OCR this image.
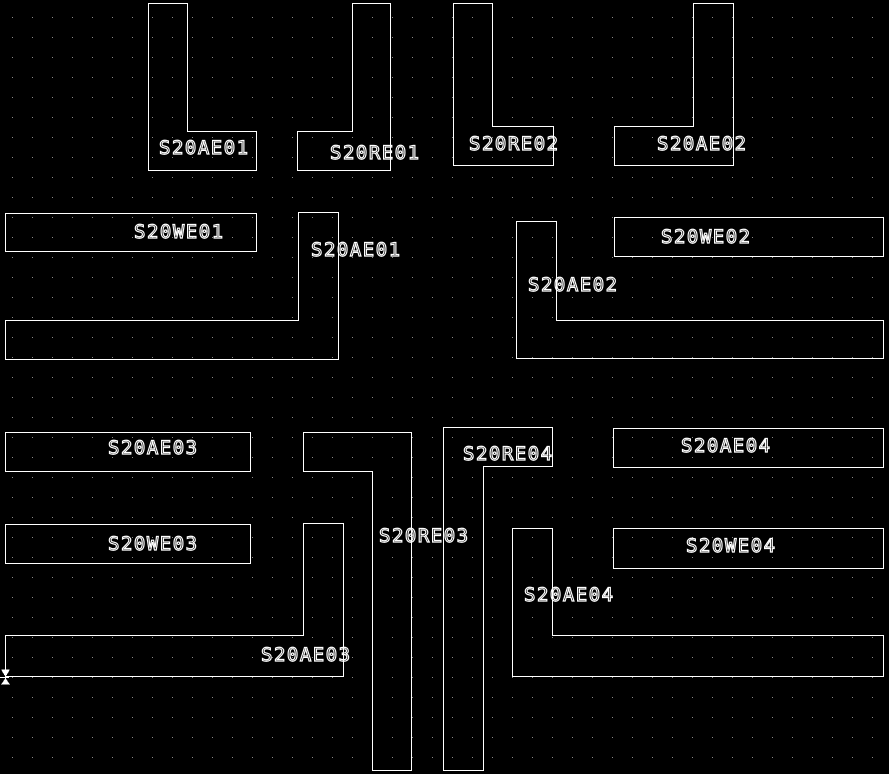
S20AE01	S20RE01	S20RE02	S20AE02
S20WE01
S20AE01
S20AE02
S20WE02
S20AE03	S20RE04	S20AE04
S20WE03	S20RE03	S20WE04
S20AE04
S20AE03
